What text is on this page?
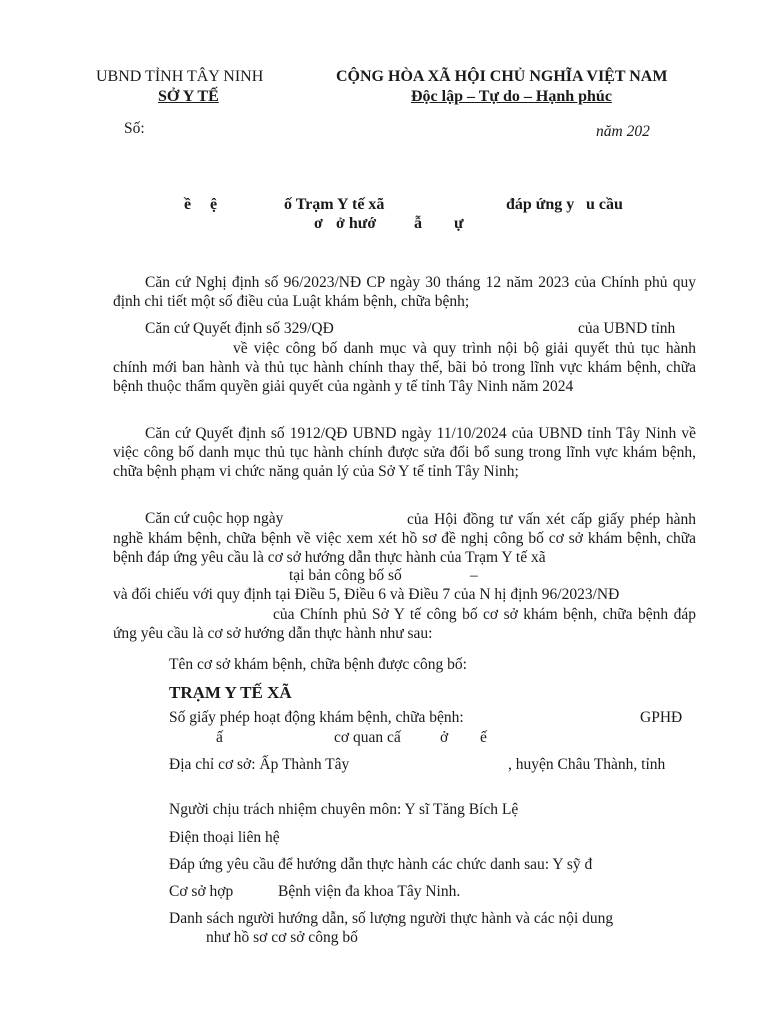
UBND TỈNH TÂY NINH
SỞ Y TẾ
CỘNG HÒA XÃ HỘI CHỦ NGHĨA VIỆT NAM
Độc lập – Tự do – Hạnh phúc
Số:	năm 202
ề ệ	ố Trạm Y tế xã	đáp ứng y u cầu
ơ ở hướ ẫ ự
Căn cứ Nghị định số 96/2023/NĐ CP ngày 30 tháng 12 năm 2023 của Chính phủ quy định chi tiết một số điều của Luật khám bệnh, chữa bệnh;
Căn cứ Quyết định số 329/QĐ	của UBND tỉnh
về việc công bố danh mục và quy trình nội bộ giải quyết thủ tục hành chính mới ban hành và thủ tục hành chính thay thế, bãi bỏ trong lĩnh vực khám bệnh, chữa bệnh thuộc thẩm quyền giải quyết của ngành y tế tỉnh Tây Ninh năm 2024
Căn cứ Quyết định số 1912/QĐ UBND ngày 11/10/2024 của UBND tỉnh Tây Ninh về việc công bố danh mục thủ tục hành chính được sửa đổi bổ sung trong lĩnh vực khám bệnh, chữa bệnh phạm vi chức năng quản lý của Sở Y tế tỉnh Tây Ninh;
Căn cứ cuộc họp ngày	của Hội đồng tư vấn xét cấp giấy phép hành nghề khám bệnh, chữa bệnh về việc xem xét hồ sơ đề nghị công bố cơ sở khám bệnh, chữa bệnh đáp ứng yêu cầu là cơ sở hướng dẫn thực hành của Trạm Y tế xã
tại bản công bố số	–
và đối chiếu với quy định tại Điều 5, Điều 6 và Điều 7 của N hị định 96/2023/NĐ
của Chính phủ Sở Y tế công bố cơ sở khám bệnh, chữa bệnh đáp ứng yêu cầu là cơ sở hướng dẫn thực hành như sau:
Tên cơ sở khám bệnh, chữa bệnh được công bố:
TRẠM Y TẾ XÃ
Số giấy phép hoạt động khám bệnh, chữa bệnh:	GPHĐ
ấ	cơ quan cấ	ở ế
Địa chỉ cơ sở: Ấp Thành Tây	, huyện Châu Thành, tỉnh
Người chịu trách nhiệm chuyên môn: Y sĩ Tăng Bích Lệ
Điện thoại liên hệ
Đáp ứng yêu cầu để hướng dẫn thực hành các chức danh sau: Y sỹ đ
Cơ sở hợp	Bệnh viện đa khoa Tây Ninh.
Danh sách người hướng dẫn, số lượng người thực hành và các nội dung
như hồ sơ cơ sở công bố
